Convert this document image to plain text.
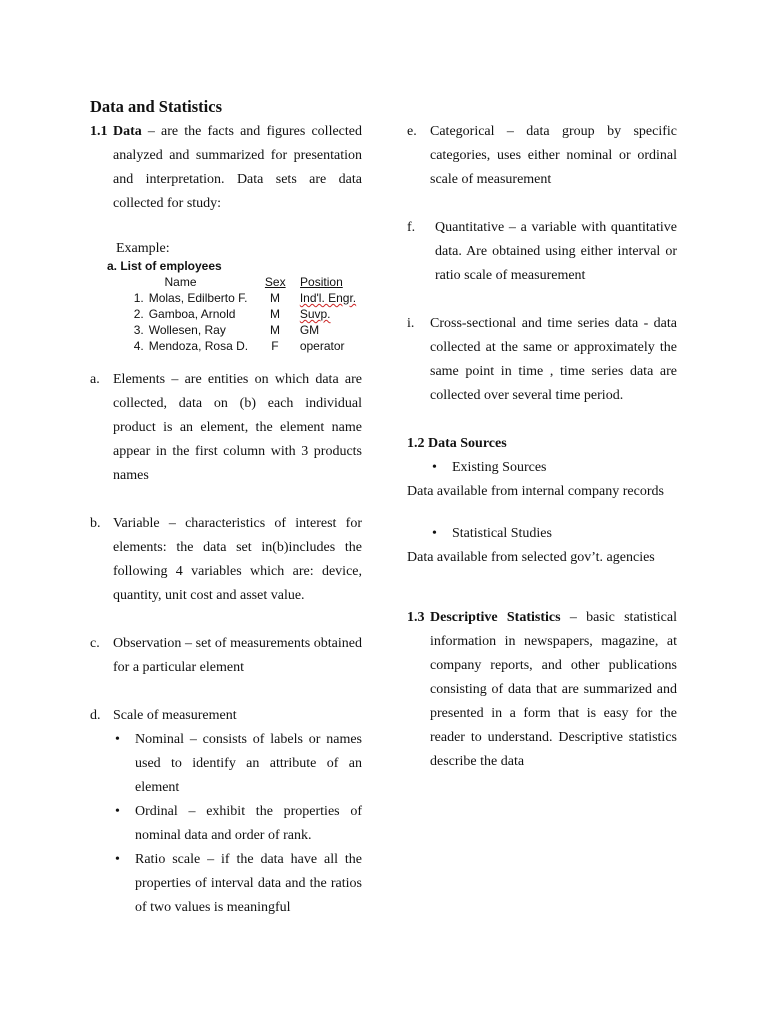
Data and Statistics
1.1 Data – are the facts and figures collected analyzed and summarized for presentation and interpretation. Data sets are data collected for study:
Example:
a. List of employees
Name	Sex	Position
1. Molas, Edilberto F.	M	Ind'l. Engr.
2. Gamboa, Arnold	M	Suvp.
3. Wollesen, Ray	M	GM
4. Mendoza, Rosa D.	F	operator
a. Elements – are entities on which data are collected, data on (b) each individual product is an element, the element name appear in the first column with 3 products names
b. Variable – characteristics of interest for elements: the data set in(b)includes the following 4 variables which are: device, quantity, unit cost and asset value.
c. Observation – set of measurements obtained for a particular element
d. Scale of measurement
•
Nominal – consists of labels or names used to identify an attribute of an element
•
Ordinal – exhibit the properties of nominal data and order of rank.
•
Ratio scale – if the data have all the properties of interval data and the ratios of two values is meaningful
e. Categorical – data group by specific categories, uses either nominal or ordinal scale of measurement
f.	Quantitative – a variable with quantitative data. Are obtained using either interval or ratio scale of measurement
i.	Cross-sectional and time series data - data collected at the same or approximately the same point in time , time series data are collected over several time period.
1.2 Data Sources
•
Existing Sources
Data available from internal company records
•
Statistical Studies
Data available from selected gov’t. agencies
1.3 Descriptive Statistics – basic statistical information in newspapers, magazine, at company reports, and other publications consisting of data that are summarized and presented in a form that is easy for the reader to understand. Descriptive statistics describe the data
